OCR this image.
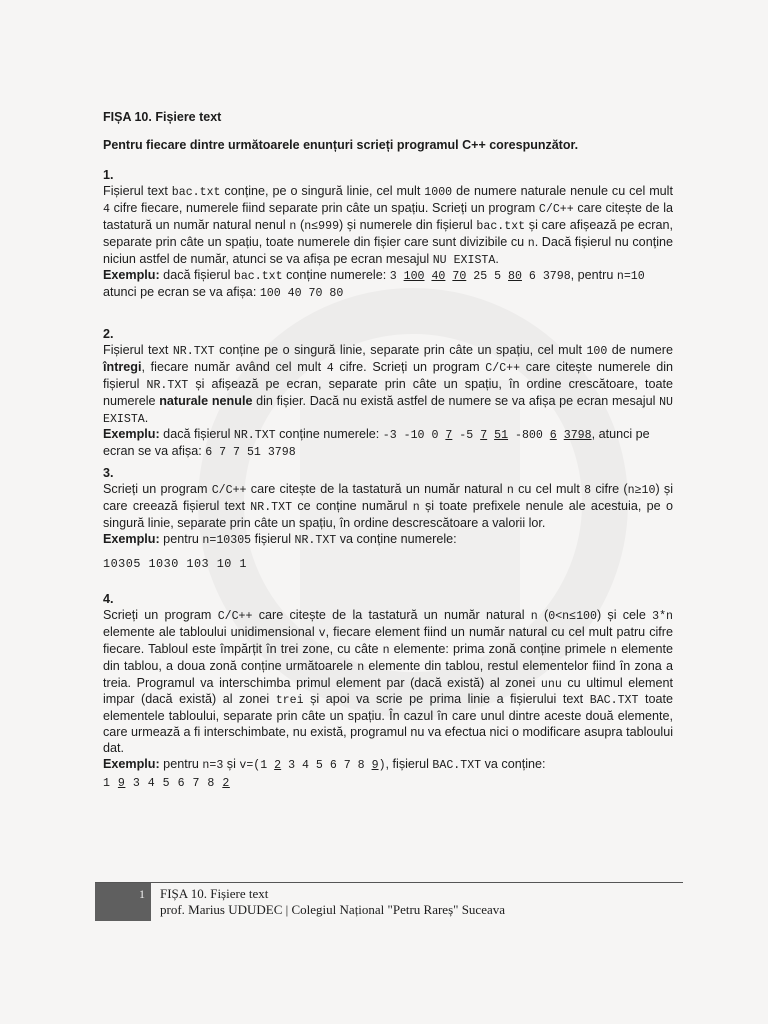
FIȘA 10. Fișiere text
Pentru fiecare dintre următoarele enunțuri scrieți programul C++ corespunzător.
1.

Fișierul text bac.txt conține, pe o singură linie, cel mult 1000 de numere naturale nenule cu cel mult 4 cifre fiecare, numerele fiind separate prin câte un spațiu. Scrieți un program C/C++ care citește de la tastatură un număr natural nenul n (n≤999) și numerele din fișierul bac.txt și care afișează pe ecran, separate prin câte un spațiu, toate numerele din fișier care sunt divizibile cu n. Dacă fișierul nu conține niciun astfel de număr, atunci se va afișa pe ecran mesajul NU EXISTA.

Exemplu: dacă fișierul bac.txt conține numerele: 3 100 40 70 25 5 80 6 3798, pentru n=10 atunci pe ecran se va afișa: 100 40 70 80

2.

Fișierul text NR.TXT conține pe o singură linie, separate prin câte un spațiu, cel mult 100 de numere întregi, fiecare număr având cel mult 4 cifre. Scrieți un program C/C++ care citește numerele din fișierul NR.TXT și afișează pe ecran, separate prin câte un spațiu, în ordine crescătoare, toate numerele naturale nenule din fișier. Dacă nu există astfel de numere se va afișa pe ecran mesajul NU EXISTA.

Exemplu: dacă fișierul NR.TXT conține numerele: -3 -10 0 7 -5 7 51 -800 6 3798, atunci pe ecran se va afișa: 6 7 7 51 3798

3.

Scrieți un program C/C++ care citește de la tastatură un număr natural n cu cel mult 8 cifre (n≥10) și care creează fișierul text NR.TXT ce conține numărul n și toate prefixele nenule ale acestuia, pe o singură linie, separate prin câte un spațiu, în ordine descrescătoare a valorii lor.

Exemplu: pentru n=10305 fișierul NR.TXT va conține numerele:

10305 1030 103 10 1
4.

Scrieți un program C/C++ care citește de la tastatură un număr natural n (0<n≤100) și cele 3*n elemente ale tabloului unidimensional v, fiecare element fiind un număr natural cu cel mult patru cifre fiecare. Tabloul este împărțit în trei zone, cu câte n elemente: prima zonă conține primele n elemente din tablou, a doua zonă conține următoarele n elemente din tablou, restul elementelor fiind în zona a treia. Programul va interschimba primul element par (dacă există) al zonei unu cu ultimul element impar (dacă există) al zonei trei și apoi va scrie pe prima linie a fișierului text BAC.TXT toate elementele tabloului, separate prin câte un spațiu. În cazul în care unul dintre aceste două elemente, care urmează a fi interschimbate, nu există, programul nu va efectua nici o modificare asupra tabloului dat.

Exemplu: pentru n=3 și v=(1 2 3 4 5 6 7 8 9), fișierul BAC.TXT va conține:

1 9 3 4 5 6 7 8 2
1	FIȘA 10. Fișiere text
prof. Marius UDUDEC | Colegiul Național "Petru Rareș" Suceava
